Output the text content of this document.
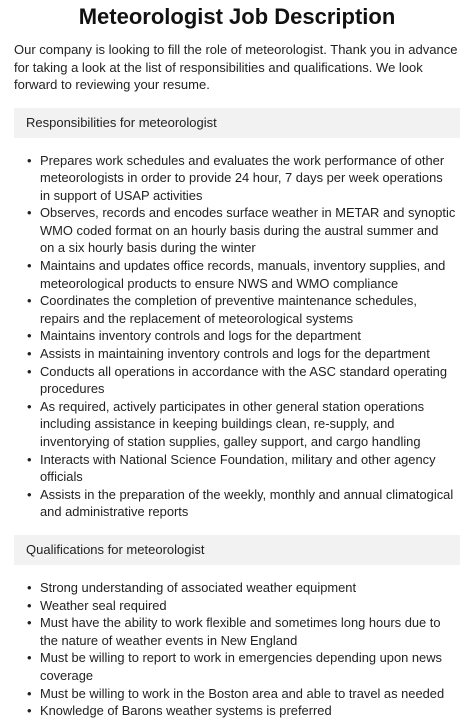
Meteorologist Job Description

Our company is looking to fill the role of meteorologist. Thank you in advance for taking a look at the list of responsibilities and qualifications. We look forward to reviewing your resume.

Responsibilities for meteorologist
• Prepares work schedules and evaluates the work performance of other meteorologists in order to provide 24 hour, 7 days per week operations in support of USAP activities
• Observes, records and encodes surface weather in METAR and synoptic WMO coded format on an hourly basis during the austral summer and on a six hourly basis during the winter
• Maintains and updates office records, manuals, inventory supplies, and meteorological products to ensure NWS and WMO compliance
• Coordinates the completion of preventive maintenance schedules, repairs and the replacement of meteorological systems
• Maintains inventory controls and logs for the department
• Assists in maintaining inventory controls and logs for the department
• Conducts all operations in accordance with the ASC standard operating procedures
• As required, actively participates in other general station operations including assistance in keeping buildings clean, re-supply, and inventorying of station supplies, galley support, and cargo handling
• Interacts with National Science Foundation, military and other agency officials
• Assists in the preparation of the weekly, monthly and annual climatogical and administrative reports
Qualifications for meteorologist
• Strong understanding of associated weather equipment
• Weather seal required
• Must have the ability to work flexible and sometimes long hours due to the nature of weather events in New England
• Must be willing to report to work in emergencies depending upon news coverage
• Must be willing to work in the Boston area and able to travel as needed
• Knowledge of Barons weather systems is preferred
